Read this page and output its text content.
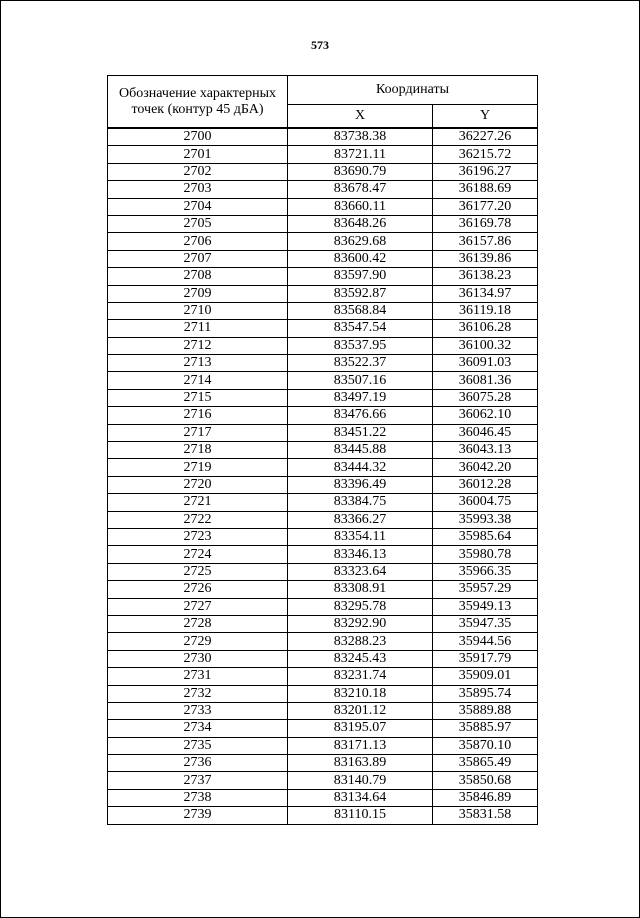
573
Обозначение характерных точек (контур 45 дБА)	Координаты	
	X	Y
2700	83738.38	36227.26
2701	83721.11	36215.72
2702	83690.79	36196.27
2703	83678.47	36188.69
2704	83660.11	36177.20
2705	83648.26	36169.78
2706	83629.68	36157.86
2707	83600.42	36139.86
2708	83597.90	36138.23
2709	83592.87	36134.97
2710	83568.84	36119.18
2711	83547.54	36106.28
2712	83537.95	36100.32
2713	83522.37	36091.03
2714	83507.16	36081.36
2715	83497.19	36075.28
2716	83476.66	36062.10
2717	83451.22	36046.45
2718	83445.88	36043.13
2719	83444.32	36042.20
2720	83396.49	36012.28
2721	83384.75	36004.75
2722	83366.27	35993.38
2723	83354.11	35985.64
2724	83346.13	35980.78
2725	83323.64	35966.35
2726	83308.91	35957.29
2727	83295.78	35949.13
2728	83292.90	35947.35
2729	83288.23	35944.56
2730	83245.43	35917.79
2731	83231.74	35909.01
2732	83210.18	35895.74
2733	83201.12	35889.88
2734	83195.07	35885.97
2735	83171.13	35870.10
2736	83163.89	35865.49
2737	83140.79	35850.68
2738	83134.64	35846.89
2739	83110.15	35831.58
